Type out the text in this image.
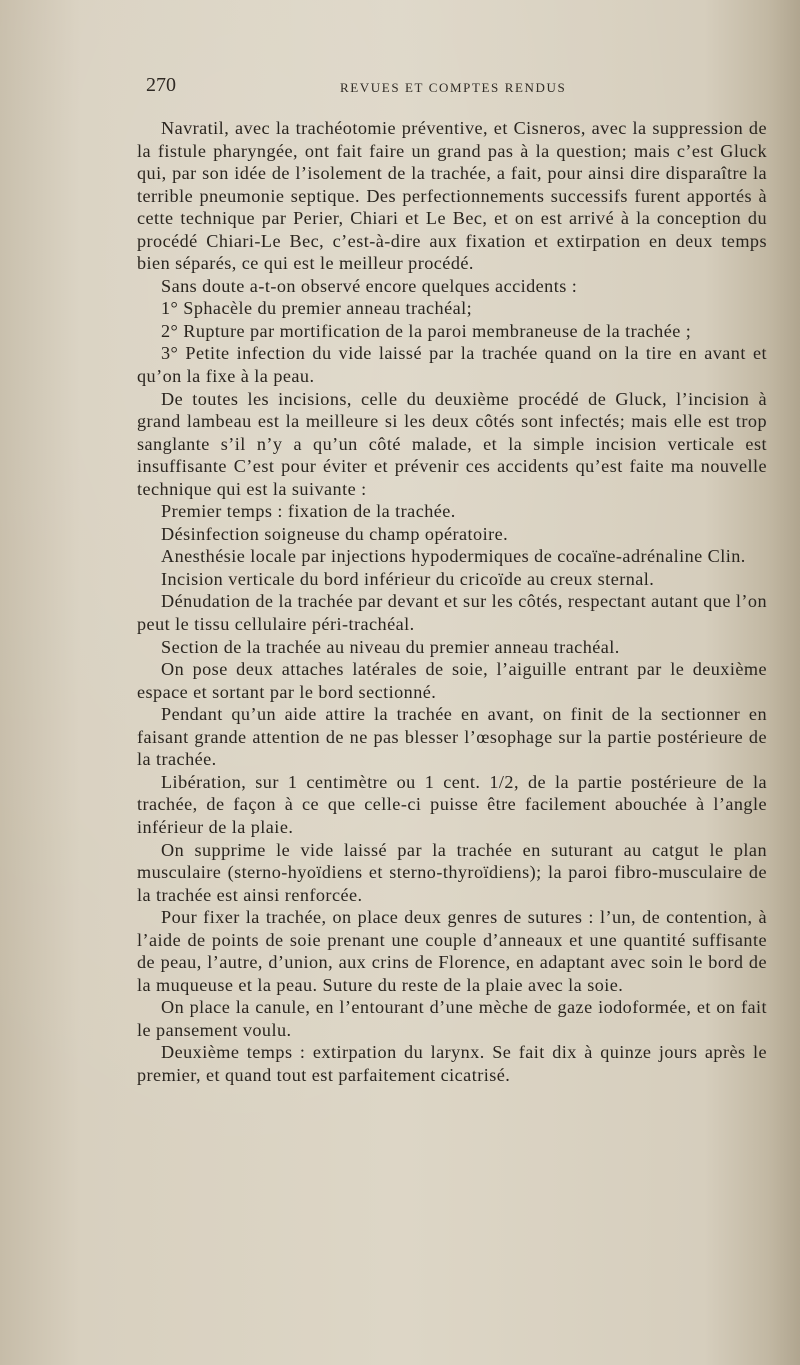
270	REVUES ET COMPTES RENDUS

Navratil, avec la trachéotomie préventive, et Cisneros, avec la suppression de la fistule pharyngée, ont fait faire un grand pas à la question; mais c’est Gluck qui, par son idée de l’isolement de la trachée, a fait, pour ainsi dire disparaître la terrible pneumonie septique. Des perfectionnements successifs furent apportés à cette technique par Perier, Chiari et Le Bec, et on est arrivé à la conception du procédé Chiari-Le Bec, c’est-à-dire aux fixation et extirpation en deux temps bien séparés, ce qui est le meilleur procédé.

Sans doute a-t-on observé encore quelques accidents :

1° Sphacèle du premier anneau trachéal;

2° Rupture par mortification de la paroi membraneuse de la trachée ;

3° Petite infection du vide laissé par la trachée quand on la tire en avant et qu’on la fixe à la peau.

De toutes les incisions, celle du deuxième procédé de Gluck, l’incision à grand lambeau est la meilleure si les deux côtés sont infectés; mais elle est trop sanglante s’il n’y a qu’un côté malade, et la simple incision verticale est insuffisante C’est pour éviter et prévenir ces accidents qu’est faite ma nouvelle technique qui est la suivante :

Premier temps : fixation de la trachée.

Désinfection soigneuse du champ opératoire.

Anesthésie locale par injections hypodermiques de cocaïne-adrénaline Clin.

Incision verticale du bord inférieur du cricoïde au creux sternal.

Dénudation de la trachée par devant et sur les côtés, respectant autant que l’on peut le tissu cellulaire péri-trachéal.

Section de la trachée au niveau du premier anneau trachéal.

On pose deux attaches latérales de soie, l’aiguille entrant par le deuxième espace et sortant par le bord sectionné.

Pendant qu’un aide attire la trachée en avant, on finit de la sectionner en faisant grande attention de ne pas blesser l’œsophage sur la partie postérieure de la trachée.

Libération, sur 1 centimètre ou 1 cent. 1/2, de la partie postérieure de la trachée, de façon à ce que celle-ci puisse être facilement abouchée à l’angle inférieur de la plaie.

On supprime le vide laissé par la trachée en suturant au catgut le plan musculaire (sterno-hyoïdiens et sterno-thyroïdiens); la paroi fibro-musculaire de la trachée est ainsi renforcée.

Pour fixer la trachée, on place deux genres de sutures : l’un, de contention, à l’aide de points de soie prenant une couple d’anneaux et une quantité suffisante de peau, l’autre, d’union, aux crins de Florence, en adaptant avec soin le bord de la muqueuse et la peau. Suture du reste de la plaie avec la soie.

On place la canule, en l’entourant d’une mèche de gaze iodoformée, et on fait le pansement voulu.

Deuxième temps : extirpation du larynx. Se fait dix à quinze jours après le premier, et quand tout est parfaitement cicatrisé.
